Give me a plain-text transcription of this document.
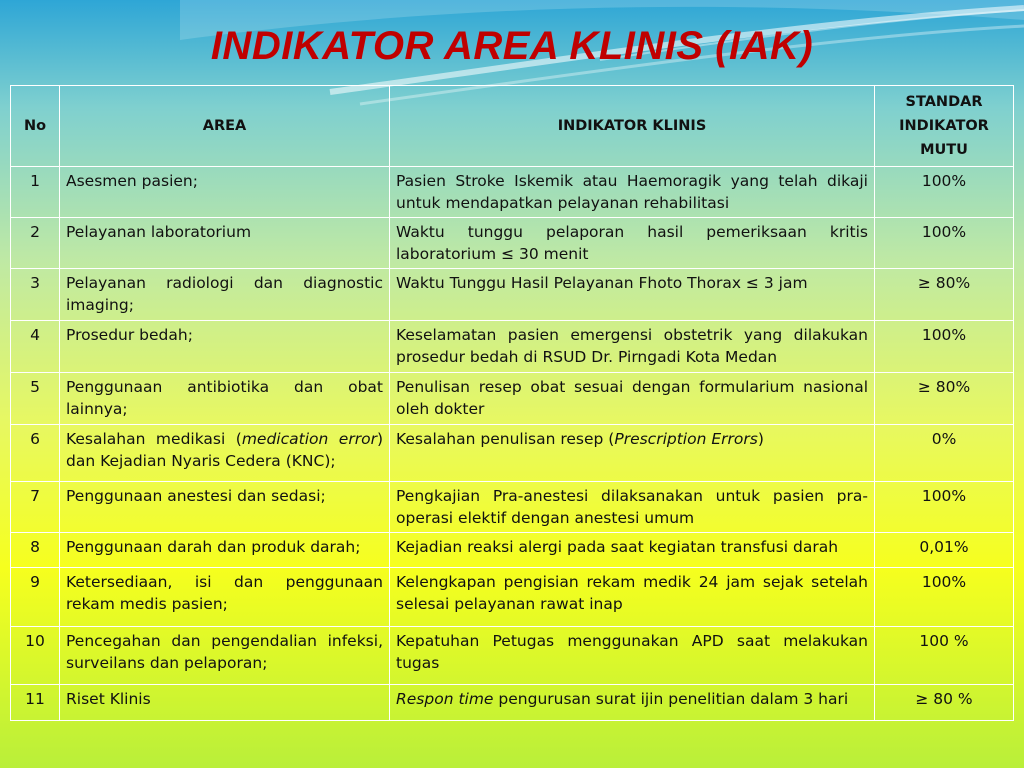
INDIKATOR AREA KLINIS (IAK)
No	AREA	INDIKATOR KLINIS	STANDAR INDIKATOR MUTU
1	Asesmen pasien;	Pasien Stroke Iskemik atau Haemoragik yang telah dikaji untuk mendapatkan pelayanan rehabilitasi	100%
2	Pelayanan laboratorium	Waktu tunggu pelaporan hasil pemeriksaan kritis laboratorium ≤ 30 menit	100%
3	Pelayanan radiologi dan diagnostic imaging;	Waktu Tunggu Hasil Pelayanan Fhoto Thorax ≤ 3 jam	≥ 80%
4	Prosedur bedah;	Keselamatan pasien emergensi obstetrik yang dilakukan prosedur bedah di RSUD Dr. Pirngadi Kota Medan	100%
5	Penggunaan antibiotika dan obat lainnya;	Penulisan resep obat sesuai dengan formularium nasional oleh dokter	≥ 80%
6	Kesalahan medikasi (medication error) dan Kejadian Nyaris Cedera (KNC);	Kesalahan penulisan resep (Prescription Errors)	0%
7	Penggunaan anestesi dan sedasi;	Pengkajian Pra-anestesi dilaksanakan untuk pasien pra-operasi elektif dengan anestesi umum	100%
8	Penggunaan darah dan produk darah;	Kejadian reaksi alergi pada saat kegiatan transfusi darah	0,01%
9	Ketersediaan, isi dan penggunaan rekam medis pasien;	Kelengkapan pengisian rekam medik 24 jam sejak setelah selesai pelayanan rawat inap	100%
10	Pencegahan dan pengendalian infeksi, surveilans dan pelaporan;	Kepatuhan Petugas menggunakan APD saat melakukan tugas	100 %
11	Riset Klinis	Respon time pengurusan surat ijin penelitian dalam 3 hari	≥ 80 %
